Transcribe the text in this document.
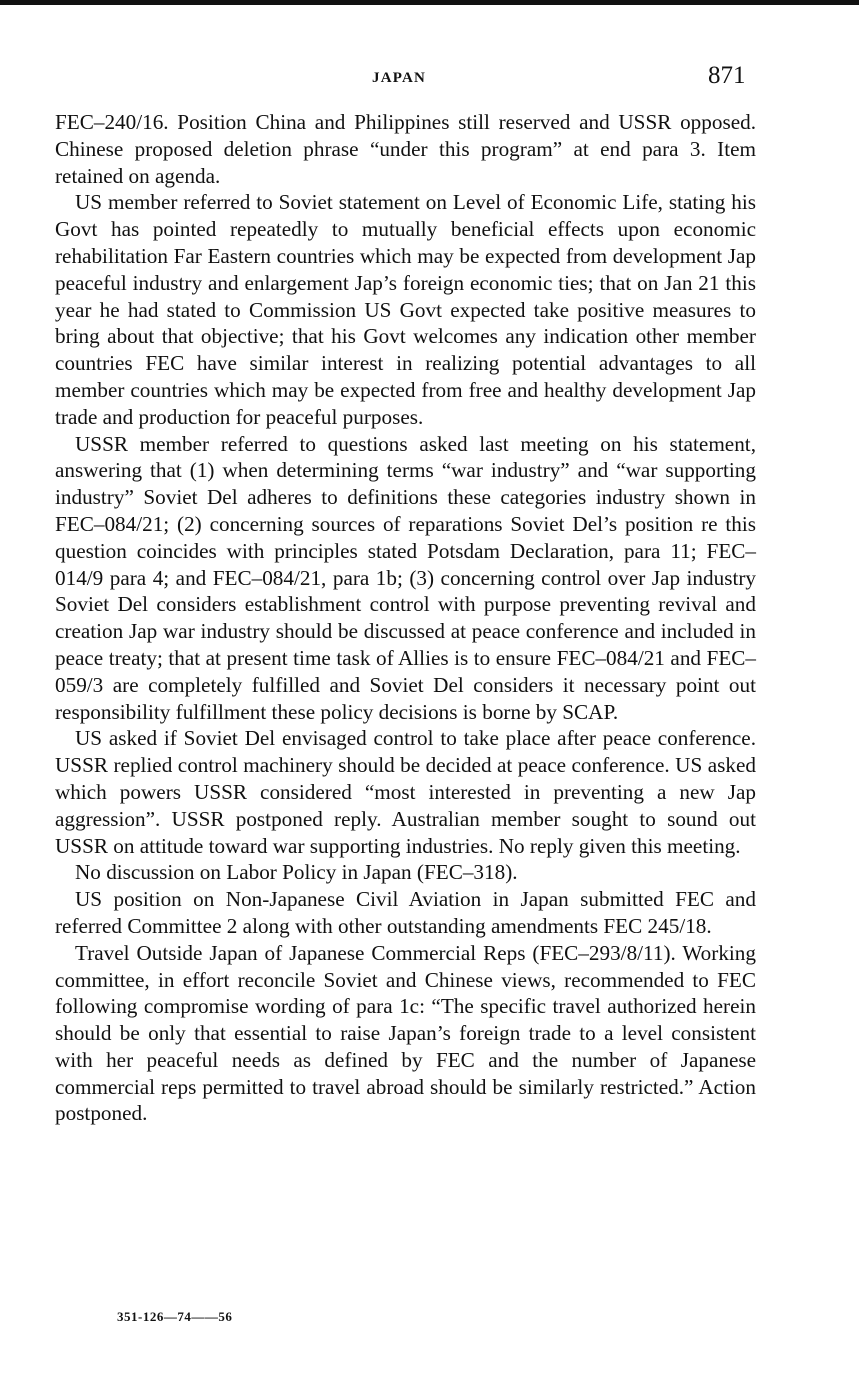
JAPAN	871

FEC–240/16. Position China and Philippines still reserved and USSR opposed. Chinese proposed deletion phrase “under this program” at end para 3. Item retained on agenda.

US member referred to Soviet statement on Level of Economic Life, stating his Govt has pointed repeatedly to mutually beneficial effects upon economic rehabilitation Far Eastern countries which may be expected from development Jap peaceful industry and enlargement Jap’s foreign economic ties; that on Jan 21 this year he had stated to Commission US Govt expected take positive measures to bring about that objective; that his Govt welcomes any indication other member countries FEC have similar interest in realizing potential advantages to all member countries which may be expected from free and healthy development Jap trade and production for peaceful purposes.

USSR member referred to questions asked last meeting on his statement, answering that (1) when determining terms “war industry” and “war supporting industry” Soviet Del adheres to definitions these categories industry shown in FEC–084/21; (2) concerning sources of reparations Soviet Del’s position re this question coincides with principles stated Potsdam Declaration, para 11; FEC–014/9 para 4; and FEC–084/21, para 1b; (3) concerning control over Jap industry Soviet Del considers establishment control with purpose preventing revival and creation Jap war industry should be discussed at peace conference and included in peace treaty; that at present time task of Allies is to ensure FEC–084/21 and FEC–059/3 are completely fulfilled and Soviet Del considers it necessary point out responsibility fulfillment these policy decisions is borne by SCAP.

US asked if Soviet Del envisaged control to take place after peace conference. USSR replied control machinery should be decided at peace conference. US asked which powers USSR considered “most interested in preventing a new Jap aggression”. USSR postponed reply. Australian member sought to sound out USSR on attitude toward war supporting industries. No reply given this meeting.

No discussion on Labor Policy in Japan (FEC–318).

US position on Non-Japanese Civil Aviation in Japan submitted FEC and referred Committee 2 along with other outstanding amendments FEC 245/18.

Travel Outside Japan of Japanese Commercial Reps (FEC–293/8/11). Working committee, in effort reconcile Soviet and Chinese views, recommended to FEC following compromise wording of para 1c: “The specific travel authorized herein should be only that essential to raise Japan’s foreign trade to a level consistent with her peaceful needs as defined by FEC and the number of Japanese commercial reps permitted to travel abroad should be similarly restricted.” Action postponed.

351-126—74——56
